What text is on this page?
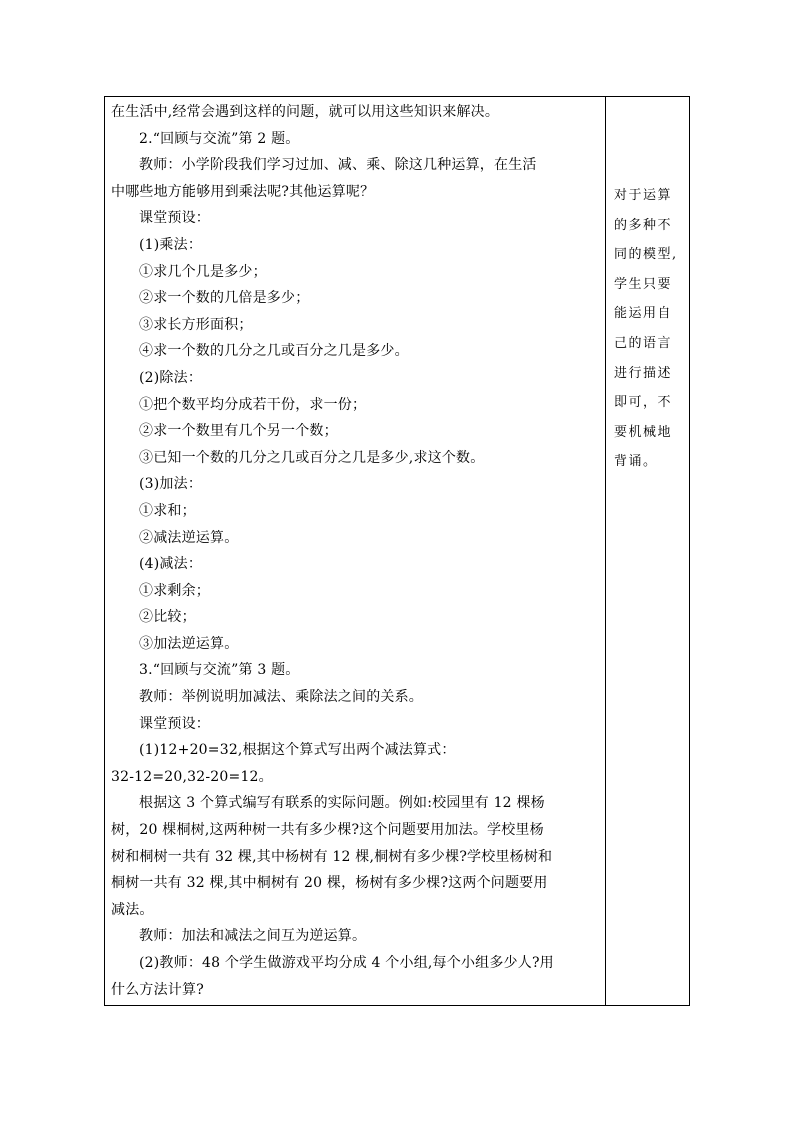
在生活中,经常会遇到这样的问题，就可以用这些知识来解决。
2.“回顾与交流”第 2 题。
教师：小学阶段我们学习过加、减、乘、除这几种运算，在生活
中哪些地方能够用到乘法呢?其他运算呢？
课堂预设：
(1)乘法：
①求几个几是多少；
②求一个数的几倍是多少；
③求长方形面积；
④求一个数的几分之几或百分之几是多少。
(2)除法：
①把个数平均分成若干份，求一份；
②求一个数里有几个另一个数；
③已知一个数的几分之几或百分之几是多少,求这个数。
(3)加法：
①求和；
②减法逆运算。
(4)减法：
①求剩余；
②比较；
③加法逆运算。
3.“回顾与交流”第 3 题。
教师：举例说明加减法、乘除法之间的关系。
课堂预设：
(1)12+20=32,根据这个算式写出两个减法算式：
32-12=20,32-20=12。
根据这 3 个算式编写有联系的实际问题。例如:校园里有 12 棵杨
树，20 棵桐树,这两种树一共有多少棵?这个问题要用加法。学校里杨
树和桐树一共有 32 棵,其中杨树有 12 棵,桐树有多少棵?学校里杨树和
桐树一共有 32 棵,其中桐树有 20 棵，杨树有多少棵?这两个问题要用
减法。
教师：加法和减法之间互为逆运算。
(2)教师：48 个学生做游戏平均分成 4 个小组,每个小组多少人?用
什么方法计算?
对于运算
的多种不
同的模型,
学生只要
能运用自
己的语言
进行描述
即可，不
要机械地
背诵。
